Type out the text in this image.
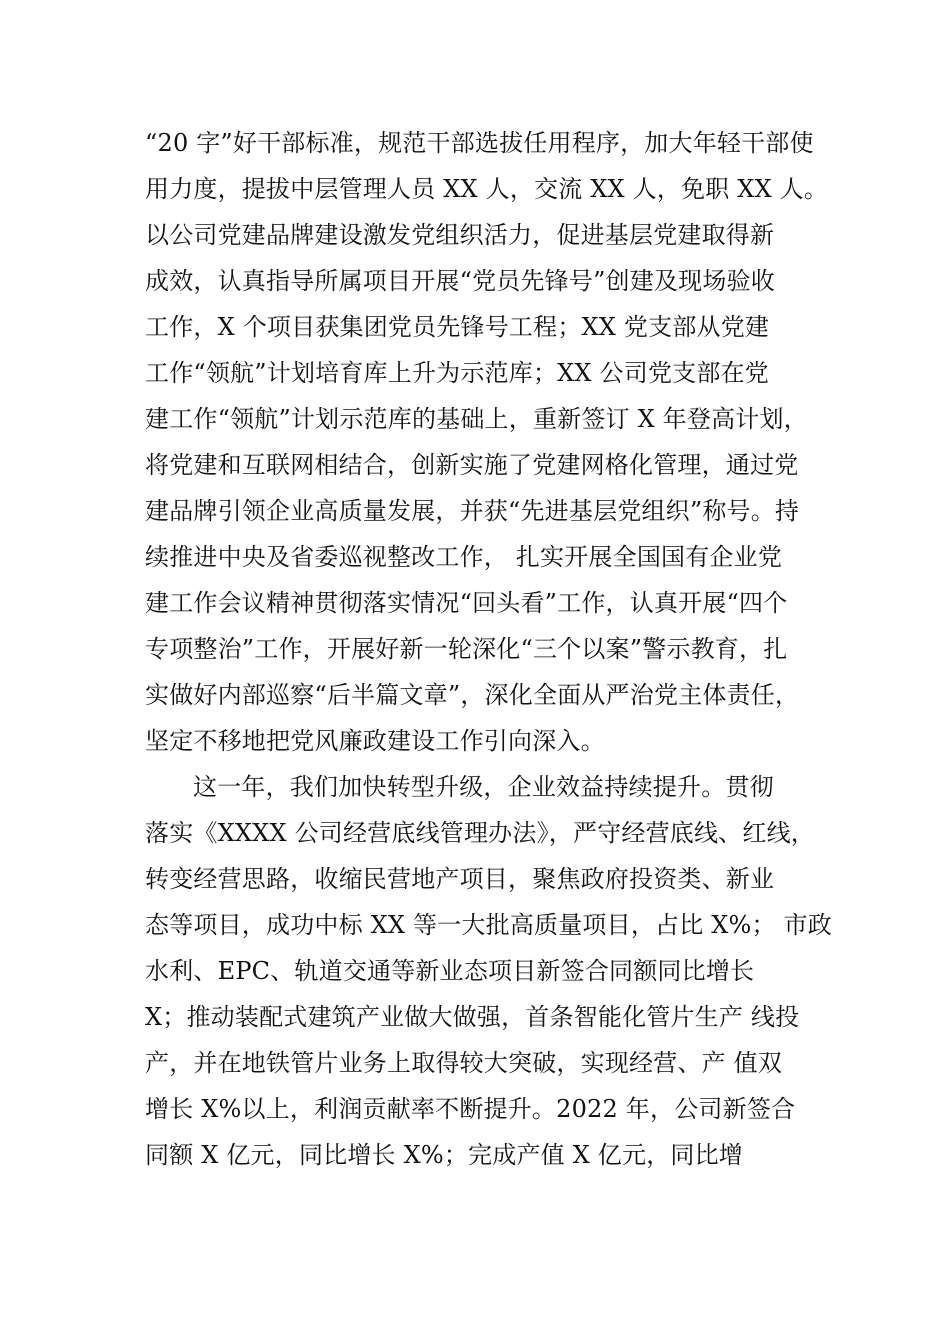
“20 字”好干部标准，规范干部选拔任用程序，加大年轻干部使
用力度，提拔中层管理人员 XX 人，交流 XX 人，免职 XX 人。
以公司党建品牌建设激发党组织活力，促进基层党建取得新
成效，认真指导所属项目开展“党员先锋号”创建及现场验收
工作，X 个项目获集团党员先锋号工程；XX 党支部从党建
工作“领航”计划培育库上升为示范库；XX 公司党支部在党
建工作“领航”计划示范库的基础上，重新签订 X 年登高计划，
将党建和互联网相结合，创新实施了党建网格化管理，通过党
建品牌引领企业高质量发展，并获“先进基层党组织”称号。持
续推进中央及省委巡视整改工作， 扎实开展全国国有企业党
建工作会议精神贯彻落实情况“回头看”工作，认真开展“四个
专项整治”工作，开展好新一轮深化“三个以案”警示教育，扎
实做好内部巡察“后半篇文章”，深化全面从严治党主体责任，
坚定不移地把党风廉政建设工作引向深入。
这一年，我们加快转型升级，企业效益持续提升。贯彻
落实《XXXX 公司经营底线管理办法》，严守经营底线、红线，
转变经营思路，收缩民营地产项目，聚焦政府投资类、新业
态等项目，成功中标 XX 等一大批高质量项目，占比 X%； 市政
水利、EPC、轨道交通等新业态项目新签合同额同比增长
X；推动装配式建筑产业做大做强，首条智能化管片生产 线投
产，并在地铁管片业务上取得较大突破，实现经营、产 值双
增长 X%以上，利润贡献率不断提升。2022 年，公司新签合
同额 X 亿元，同比增长 X%；完成产值 X 亿元，同比增
